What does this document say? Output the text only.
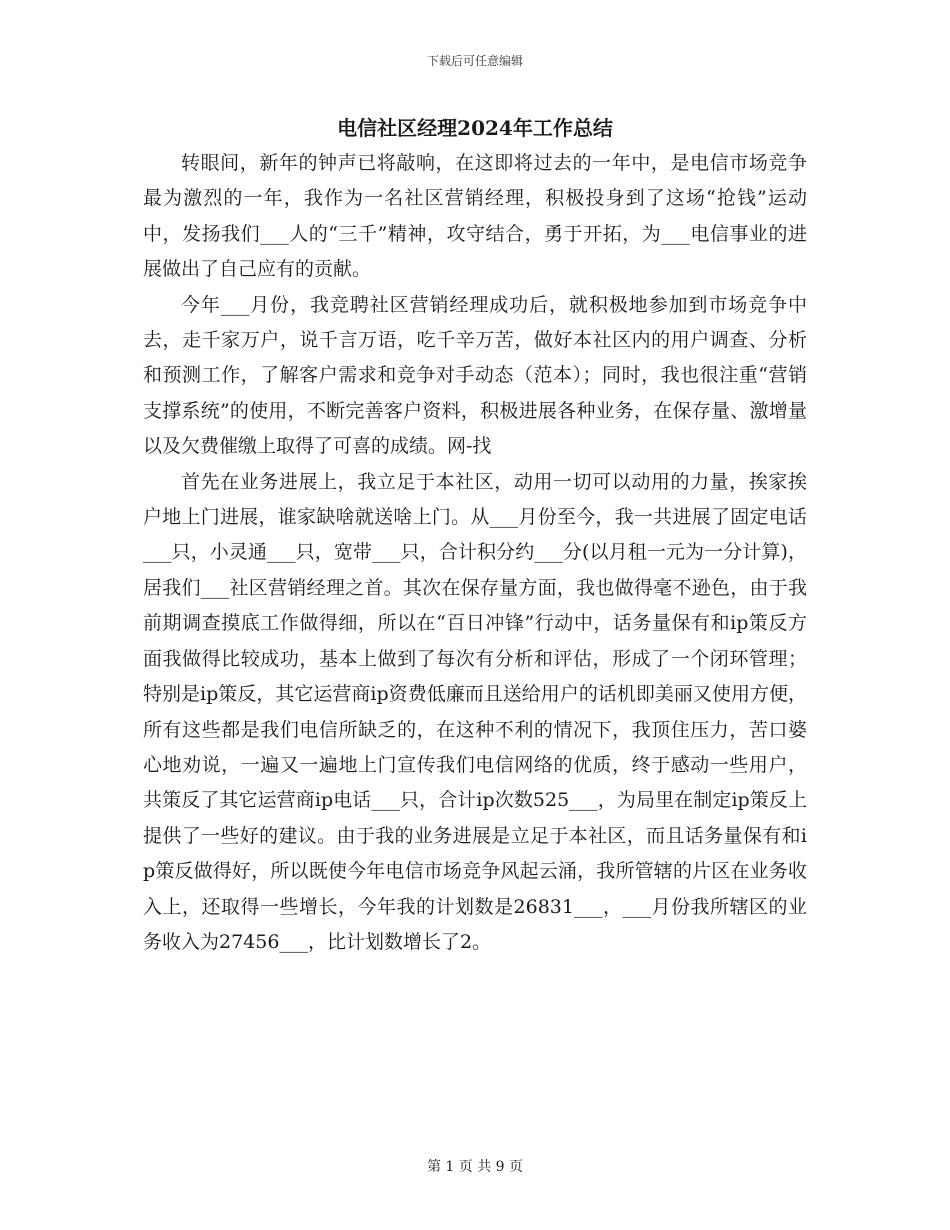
下载后可任意编辑
电信社区经理2024年工作总结

转眼间，新年的钟声已将敲响，在这即将过去的一年中，是电信市场竞争最为激烈的一年，我作为一名社区营销经理，积极投身到了这场“抢钱”运动中，发扬我们___人的“三千”精神，攻守结合，勇于开拓，为___电信事业的进展做出了自己应有的贡献。

今年___月份，我竞聘社区营销经理成功后，就积极地参加到市场竞争中去，走千家万户，说千言万语，吃千辛万苦，做好本社区内的用户调查、分析和预测工作，了解客户需求和竞争对手动态（范本）；同时，我也很注重“营销支撑系统”的使用，不断完善客户资料，积极进展各种业务，在保存量、激增量以及欠费催缴上取得了可喜的成绩。网-找

首先在业务进展上，我立足于本社区，动用一切可以动用的力量，挨家挨户地上门进展，谁家缺啥就送啥上门。从___月份至今，我一共进展了固定电话___只，小灵通___只，宽带___只，合计积分约___分(以月租一元为一分计算)，居我们___社区营销经理之首。其次在保存量方面，我也做得毫不逊色，由于我前期调查摸底工作做得细，所以在“百日冲锋”行动中，话务量保有和ip策反方面我做得比较成功，基本上做到了每次有分析和评估，形成了一个闭环管理；特别是ip策反，其它运营商ip资费低廉而且送给用户的话机即美丽又使用方便，所有这些都是我们电信所缺乏的，在这种不利的情况下，我顶住压力，苦口婆心地劝说，一遍又一遍地上门宣传我们电信网络的优质，终于感动一些用户，共策反了其它运营商ip电话___只，合计ip次数525___，为局里在制定ip策反上提供了一些好的建议。由于我的业务进展是立足于本社区，而且话务量保有和ip策反做得好，所以既使今年电信市场竞争风起云涌，我所管辖的片区在业务收入上，还取得一些增长，今年我的计划数是26831___，___月份我所辖区的业务收入为27456___，比计划数增长了2。

第 1 页 共 9 页
